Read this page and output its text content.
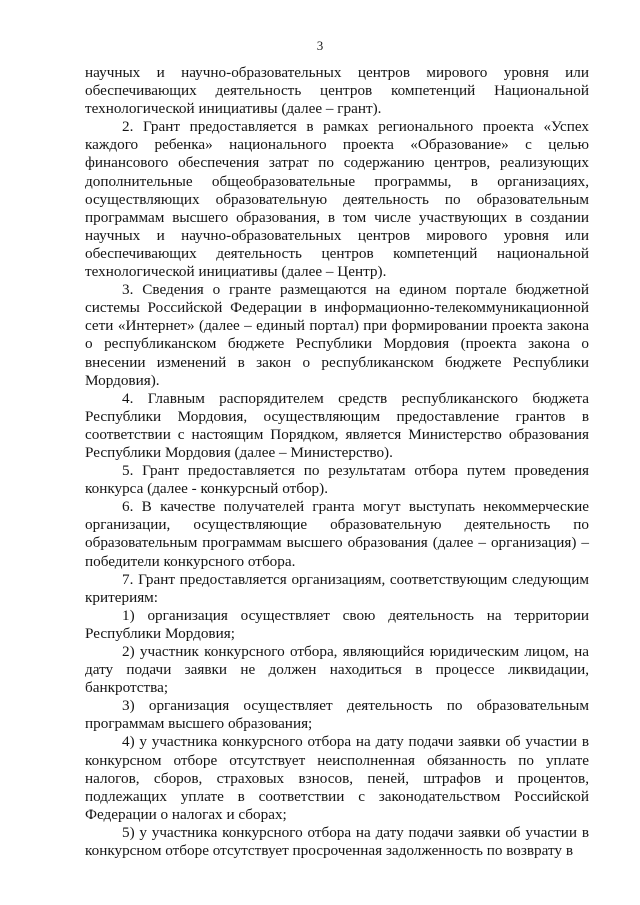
3

научных и научно-образовательных центров мирового уровня или обеспечивающих деятельность центров компетенций Национальной технологической инициативы (далее – грант).

2. Грант предоставляется в рамках регионального проекта «Успех каждого ребенка» национального проекта «Образование» с целью финансового обеспечения затрат по содержанию центров, реализующих дополнительные общеобразовательные программы, в организациях, осуществляющих образовательную деятельность по образовательным программам высшего образования, в том числе участвующих в создании научных и научно-образовательных центров мирового уровня или обеспечивающих деятельность центров компетенций национальной технологической инициативы (далее – Центр).

3. Сведения о гранте размещаются на едином портале бюджетной системы Российской Федерации в информационно-телекоммуникационной сети «Интернет» (далее – единый портал) при формировании проекта закона о республиканском бюджете Республики Мордовия (проекта закона о внесении изменений в закон о республиканском бюджете Республики Мордовия).

4. Главным распорядителем средств республиканского бюджета Республики Мордовия, осуществляющим предоставление грантов в соответствии с настоящим Порядком, является Министерство образования Республики Мордовия (далее – Министерство).

5. Грант предоставляется по результатам отбора путем проведения конкурса (далее - конкурсный отбор).

6. В качестве получателей гранта могут выступать некоммерческие организации, осуществляющие образовательную деятельность по образовательным программам высшего образования (далее – организация) – победители конкурсного отбора.

7. Грант предоставляется организациям, соответствующим следующим критериям:

1) организация осуществляет свою деятельность на территории Республики Мордовия;

2) участник конкурсного отбора, являющийся юридическим лицом, на дату подачи заявки не должен находиться в процессе ликвидации, банкротства;

3) организация осуществляет деятельность по образовательным программам высшего образования;

4) у участника конкурсного отбора на дату подачи заявки об участии в конкурсном отборе отсутствует неисполненная обязанность по уплате налогов, сборов, страховых взносов, пеней, штрафов и процентов, подлежащих уплате в соответствии с законодательством Российской Федерации о налогах и сборах;

5) у участника конкурсного отбора на дату подачи заявки об участии в конкурсном отборе отсутствует просроченная задолженность по возврату в
